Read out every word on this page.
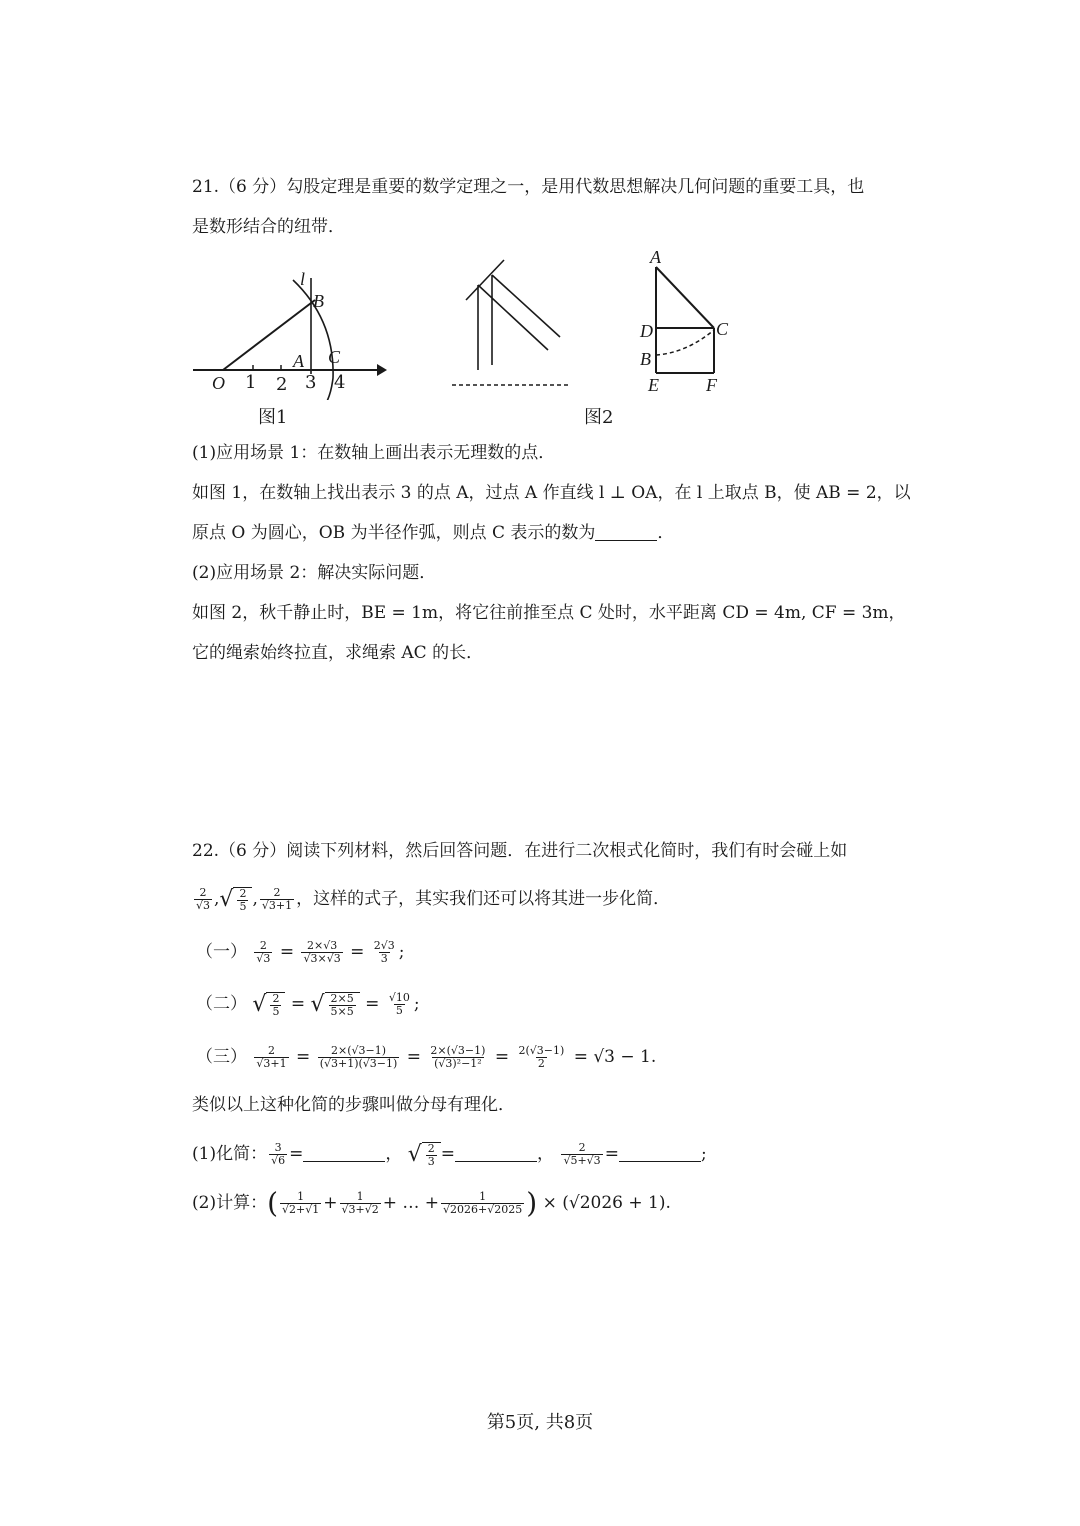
21.（6 分）勾股定理是重要的数学定理之一，是用代数思想解决几何问题的重要工具，也
是数形结合的纽带．
O 1 2 3 4
A
B
C
l
图1
A
D	C
B
E	F
图2
(1)应用场景 1：在数轴上画出表示无理数的点．
如图 1，在数轴上找出表示 3 的点 A，过点 A 作直线 l ⊥ OA，在 l 上取点 B，使 AB = 2，以
原点 O 为圆心，OB 为半径作弧，则点 C 表示的数为	．
(2)应用场景 2：解决实际问题．
如图 2，秋千静止时，BE = 1m，将它往前推至点 C 处时，水平距离 CD = 4m, CF = 3m，
它的绳索始终拉直，求绳索 AC 的长．
22.（6 分）阅读下列材料，然后回答问题．在进行二次根式化简时，我们有时会碰上如
$\frac{2}{√3}$ , √ $\frac{2}{5}$ , $\frac{2}{√3+1}$ ，这样的式子，其实我们还可以将其进一步化简．
（一） $\frac{2}{√3} = \frac{2\times√3}{√3\times√3} = \frac{2√3}{3}$ ;
（二） √ $\frac{2}{5}$ = √ $\frac{2\times 5}{5\times 5} = \frac{√10}{5}$ ;
（三） $\frac{2}{√3+1} = \frac{2\times(√3-1)}{(√3+1)(√3-1)} = \frac{2\times(√3-1)}{\text{(√3)²−1²}} = \frac{2(√3-1)}{2} = √3 - 1$.
类似以上这种化简的步骤叫做分母有理化．
(1)化简： $\frac{3}{√6}$ =	， √ $\frac{2}{3}$ =	， $\frac{2}{√5+√3}$ =	;
(2)计算：( $\frac{1}{√2+√1} + \frac{1}{√3+√2}$ + … + $\frac{1}{√2026+√2025}$ ) × (√2026 + 1).
第5页, 共8页
